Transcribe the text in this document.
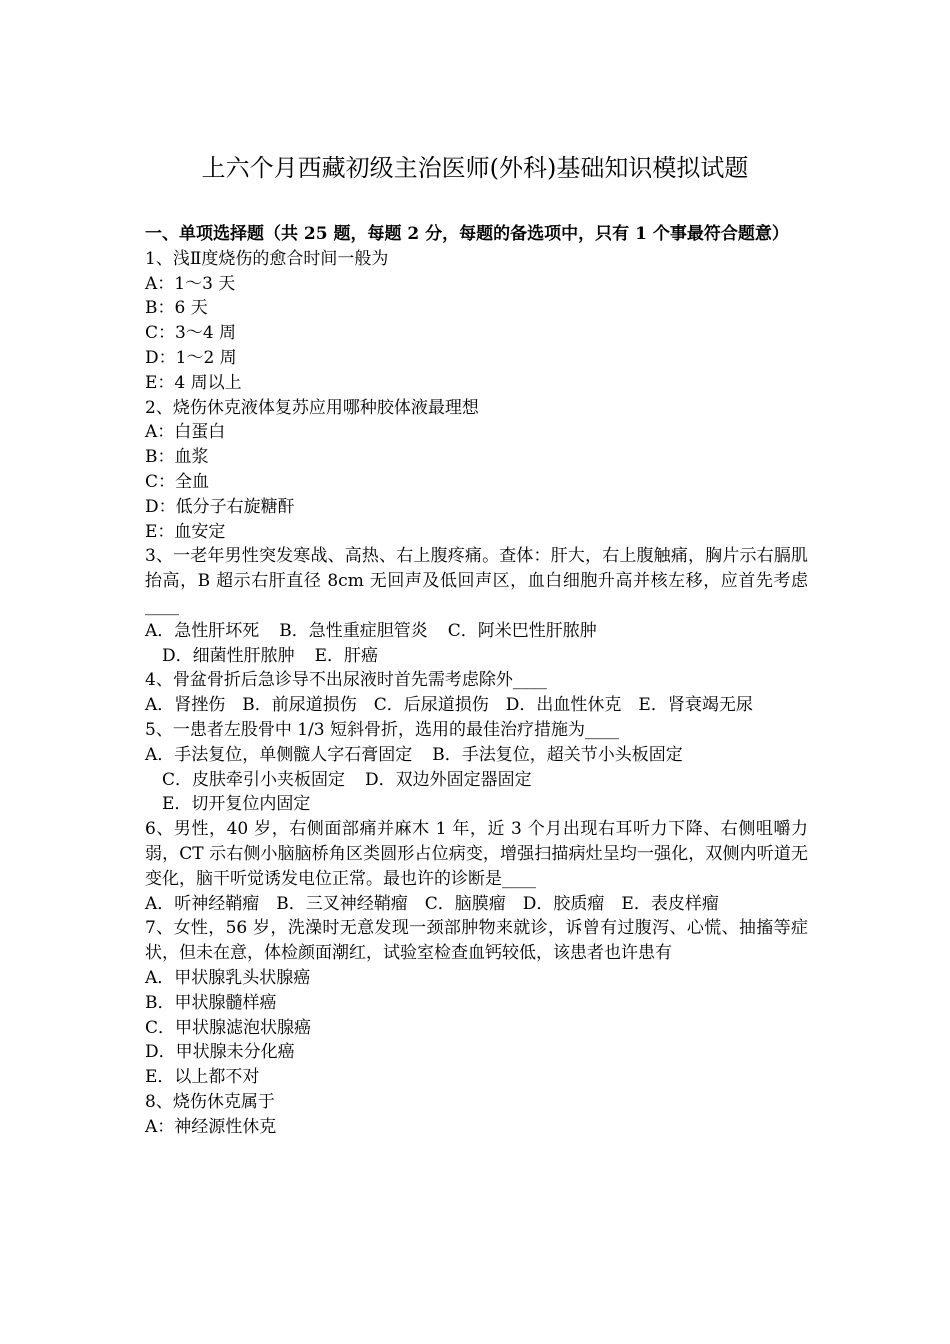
上六个月西藏初级主治医师(外科)基础知识模拟试题
一、单项选择题（共 25 题，每题 2 分，每题的备选项中，只有 1 个事最符合题意）
1、浅Ⅱ度烧伤的愈合时间一般为
A：1～3 天
B：6 天
C：3～4 周
D：1～2 周
E：4 周以上
2、烧伤休克液体复苏应用哪种胶体液最理想
A：白蛋白
B：血浆
C：全血
D：低分子右旋糖酐
E：血安定
3、一老年男性突发寒战、高热、右上腹疼痛。查体：肝大，右上腹触痛，胸片示右膈肌抬高，B 超示右肝直径 8cm 无回声及低回声区，血白细胞升高并核左移，应首先考虑____
A．急性肝坏死 B．急性重症胆管炎 C．阿米巴性肝脓肿
D．细菌性肝脓肿 E．肝癌
4、骨盆骨折后急诊导不出尿液时首先需考虑除外____
A．肾挫伤　B．前尿道损伤　C．后尿道损伤　D．出血性休克　E．肾衰竭无尿
5、一患者左股骨中 1/3 短斜骨折，选用的最佳治疗措施为____
A．手法复位，单侧髋人字石膏固定 B．手法复位，超关节小头板固定
C．皮肤牵引小夹板固定 D．双边外固定器固定
E．切开复位内固定
6、男性，40 岁，右侧面部痛并麻木 1 年，近 3 个月出现右耳听力下降、右侧咀嚼力弱，CT 示右侧小脑脑桥角区类圆形占位病变，增强扫描病灶呈均一强化，双侧内听道无变化，脑干听觉诱发电位正常。最也许的诊断是____
A．听神经鞘瘤　B．三叉神经鞘瘤　C．脑膜瘤　D．胶质瘤　E．表皮样瘤
7、女性，56 岁，洗澡时无意发现一颈部肿物来就诊，诉曾有过腹泻、心慌、抽搐等症状，但未在意，体检颜面潮红，试验室检查血钙较低，该患者也许患有
A．甲状腺乳头状腺癌
B．甲状腺髓样癌
C．甲状腺滤泡状腺癌
D．甲状腺未分化癌
E．以上都不对
8、烧伤休克属于
A：神经源性休克
